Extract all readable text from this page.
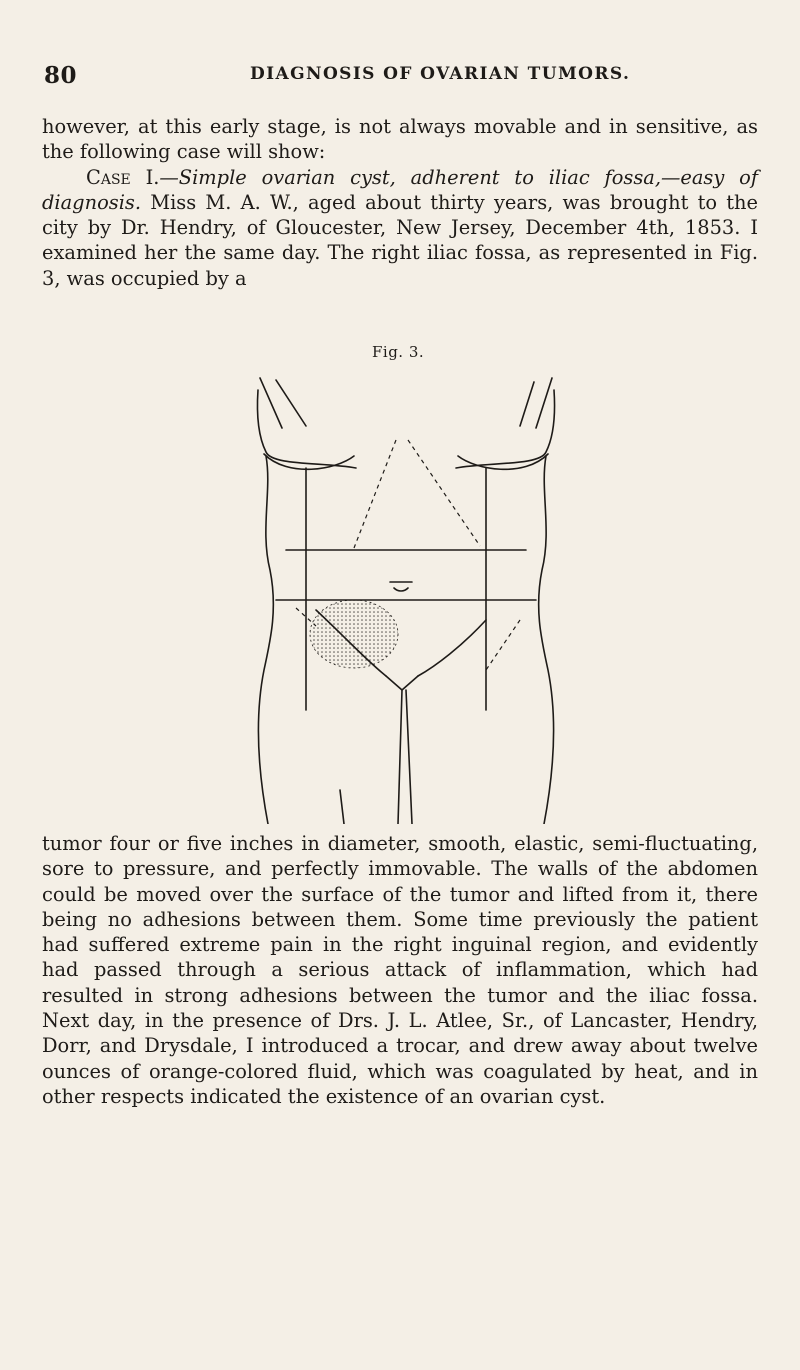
80	DIAGNOSIS OF OVARIAN TUMORS.

however, at this early stage, is not always movable and in sensitive, as the following case will show:

Case I.—Simple ovarian cyst, adherent to iliac fossa,—easy of diagnosis. Miss M. A. W., aged about thirty years, was brought to the city by Dr. Hendry, of Gloucester, New Jersey, December 4th, 1853. I examined her the same day. The right iliac fossa, as represented in Fig. 3, was occupied by a

Fig. 3.

tumor four or five inches in diameter, smooth, elastic, semi-fluctuating, sore to pressure, and perfectly immovable. The walls of the abdomen could be moved over the surface of the tumor and lifted from it, there being no adhesions between them. Some time previously the patient had suffered extreme pain in the right inguinal region, and evidently had passed through a serious attack of inflammation, which had resulted in strong adhesions between the tumor and the iliac fossa. Next day, in the presence of Drs. J. L. Atlee, Sr., of Lancaster, Hendry, Dorr, and Drysdale, I introduced a trocar, and drew away about twelve ounces of orange-colored fluid, which was coagulated by heat, and in other respects indicated the existence of an ovarian cyst.
